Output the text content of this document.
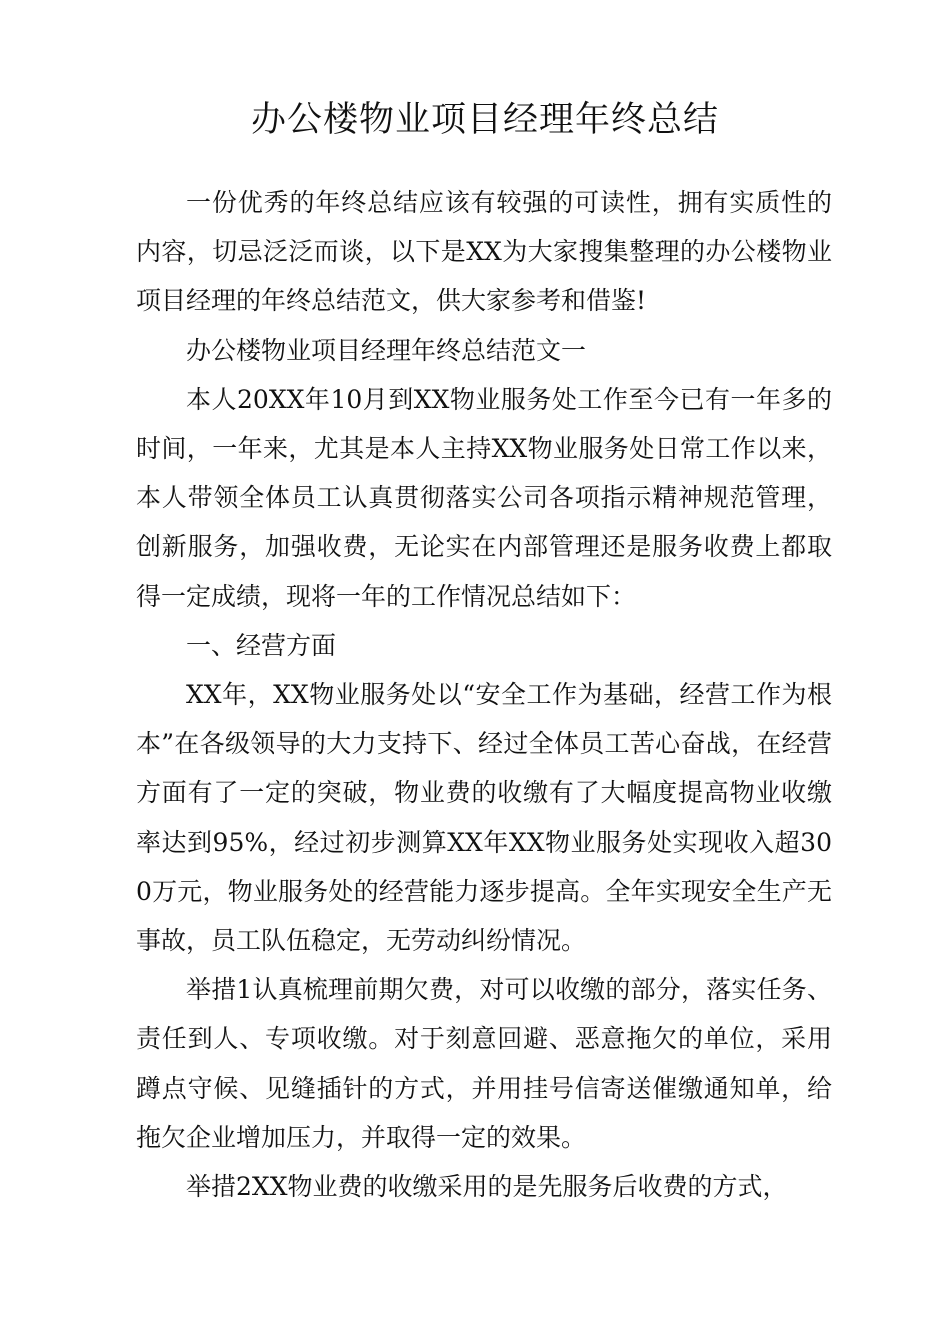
办公楼物业项目经理年终总结

一份优秀的年终总结应该有较强的可读性，拥有实质性的内容，切忌泛泛而谈，以下是XX为大家搜集整理的办公楼物业项目经理的年终总结范文，供大家参考和借鉴!

办公楼物业项目经理年终总结范文一

本人20XX年10月到XX物业服务处工作至今已有一年多的时间，一年来，尤其是本人主持XX物业服务处日常工作以来，本人带领全体员工认真贯彻落实公司各项指示精神规范管理，创新服务，加强收费，无论实在内部管理还是服务收费上都取得一定成绩，现将一年的工作情况总结如下：

一、经营方面

XX年，XX物业服务处以“安全工作为基础，经营工作为根本”在各级领导的大力支持下、经过全体员工苦心奋战，在经营方面有了一定的突破，物业费的收缴有了大幅度提高物业收缴率达到95%，经过初步测算XX年XX物业服务处实现收入超300万元，物业服务处的经营能力逐步提高。全年实现安全生产无事故，员工队伍稳定，无劳动纠纷情况。

举措1认真梳理前期欠费，对可以收缴的部分，落实任务、责任到人、专项收缴。对于刻意回避、恶意拖欠的单位，采用蹲点守候、见缝插针的方式，并用挂号信寄送催缴通知单，给拖欠企业增加压力，并取得一定的效果。

举措2XX物业费的收缴采用的是先服务后收费的方式，
